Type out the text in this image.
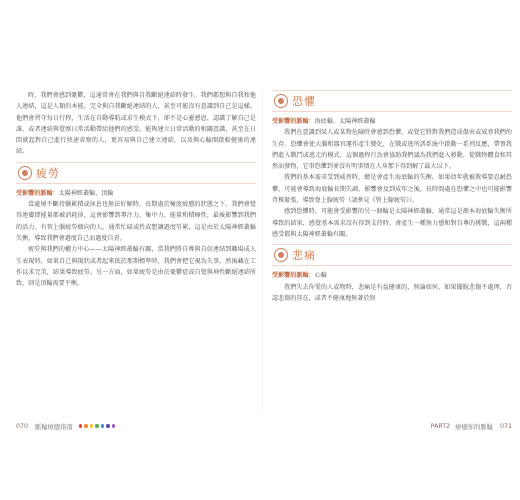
時，我們會感到憂鬱，這通常會在我們與自我斷絕連結時發生。我們都想與自我和他人連結，這是人類的本能，完全與自我斷絕連結的人，甚至可能沒有意識到自己是這樣。他們會習守每日行程，生活在自動導航或求生模式下，卻不是心靈感恩，認識了解自己是誰，或者連結與覺察日常活動帶給他們的感受。能夠建立日常活動的相關意識，甚至在日間就起對自己進行快速省察的人，更容易與自己建立連結，以及與心輪開啟較健康的連結。

疲勞
受影響的脈輪：太陽神經叢輪、頂輪

當處境不斷持續累積或休息也無法好解時，長期處於極度疲憊的狀態之下，我們會覺得連膚即能量都被消耗掉，這會影響到專注力、集中力、能量和積極性，最後影響到我們的活力。有智上腦疲勞傾向的人，通常忙碌或性或想讓過度勞累，這是由於太陽神經叢輪失衡，導致我們會過度自己而過度自責。

疲勞與我們的權力中心——太陽神經叢輪有關，當我們將自尊與自信連結到職場成人生表現時，如果自己與現狀或者起來低於那期標準時，我們會把它視為失事，然後藏在工作以求完美，結果導致疲勞。另一方面，如果疲勞是由於憂鬱症或自覺與神性斷絕連結所致，則是頂輪需要平衡。

恐懼
受影響的脈輪：海底輪、太陽神經叢輪

我們在意識到某人或某物危險時會感到恐懼，或覺它將對我們造成傷害或威脅我們的生存。恐懼會使大腦和器官運作產生變化，在戰或逃所誘系統中啟動一系列反應，帶領我們進入戰鬥或逃走的模式，這個過程行為會協助我們議為我們進入發動，從戰物體食和其然而發物，它事恐懼到並沒有明事情在人身那下得到解了最大以下。

我們的基本需求受到威脅時，總是會產生海底輪的失衡。如果幼年就被教導要忍耐恐懼，可能會導致海底輪長期失調，影響會及到成年之後，長時間處在恐懼之中也可能影響背椎緊張，導致脊上腺疲勞（請參見《腎上腺疲勞》）。

感到恐懼時，可能會受影響的另一個輪是太陽神經叢輪，通常這是源本海底輪失衡所導致的結果，感覺基本需求沒有得到支持時，會產生一種無力感和對自尊的挑戰，這兩種感受都與太陽神經叢輪有關。

悲痛
受影響的脈輪：心輪

我們失去你愛的人或物時，悲痛是有益健康的，無論如何，如果擺脫悲傷不處理，否認悲傷的存在，或者不健康地無著於無

070 脈輪療癒指南	PART2 療癒你的脈輪 071
